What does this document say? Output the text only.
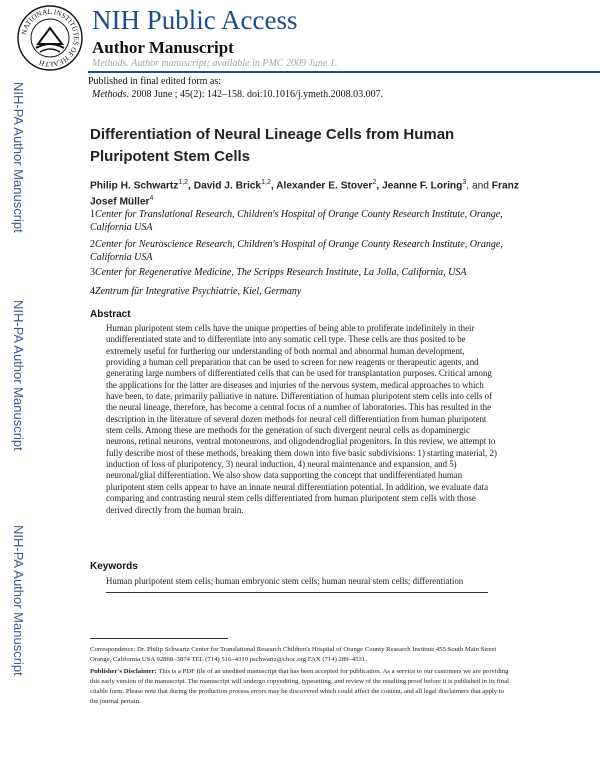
NATIONAL INSTITUTES OF HEALTH
NIH Public Access
Author Manuscript
Methods. Author manuscript; available in PMC 2009 June 1.
Published in final edited form as:
Methods. 2008 June ; 45(2): 142–158. doi:10.1016/j.ymeth.2008.03.007.
NIH-PA Author Manuscript
NIH-PA Author Manuscript
NIH-PA Author Manuscript
Differentiation of Neural Lineage Cells from Human Pluripotent Stem Cells
Philip H. Schwartz$^{1,2}$, David J. Brick$^{1,2}$, Alexander E. Stover$^2$, Jeanne F. Loring$^3$, and Franz Josef Müller$^4$
1Center for Translational Research, Children's Hospital of Orange County Research Institute, Orange, California USA
2Center for Neuroscience Research, Children's Hospital of Orange County Research Institute, Orange, California USA
3Center for Regenerative Medicine, The Scripps Research Institute, La Jolla, California, USA
4Zentrum für Integrative Psychiatrie, Kiel, Germany
Abstract
Human pluripotent stem cells have the unique properties of being able to proliferate indefinitely in their undifferentiated state and to differentiate into any somatic cell type. These cells are thus posited to be extremely useful for furthering our understanding of both normal and abnormal human development, providing a human cell preparation that can be used to screen for new reagents or therapeutic agents, and generating large numbers of differentiated cells that can be used for transplantation purposes. Critical among the applications for the latter are diseases and injuries of the nervous system, medical approaches to which have been, to date, primarily palliative in nature. Differentiation of human pluripotent stem cells into cells of the neural lineage, therefore, has become a central focus of a number of laboratories. This has resulted in the description in the literature of several dozen methods for neural cell differentiation from human pluripotent stem cells. Among these are methods for the generation of such divergent neural cells as dopaminergic neurons, retinal neurons, ventral motoneurons, and oligodendroglial progenitors. In this review, we attempt to fully describe most of these methods, breaking them down into five basic subdivisions: 1) starting material, 2) induction of loss of pluripotency, 3) neural induction, 4) neural maintenance and expansion, and 5) neuronal/glial differentiation. We also show data supporting the concept that undifferentiated human pluripotent stem cells appear to have an innate neural differentiation potential. In addition, we evaluate data comparing and contrasting neural stem cells differentiated from human pluripotent stem cells with those derived directly from the human brain.
Keywords
Human pluripotent stem cells; human embryonic stem cells; human neural stem cells; differentiation
Correspondence: Dr. Philip Schwartz Center for Translational Research Children's Hospital of Orange County Research Institute 455 South Main Street Orange, California USA 92868–3874 TEL (714) 516–4310 pschwartz@choc.org FAX (714) 289–4531.
Publisher's Disclaimer: This is a PDF file of an unedited manuscript that has been accepted for publication. As a service to our customers we are providing this early version of the manuscript. The manuscript will undergo copyediting, typesetting, and review of the resulting proof before it is published in its final citable form. Please note that during the production process errors may be discovered which could affect the content, and all legal disclaimers that apply to the journal pertain.
